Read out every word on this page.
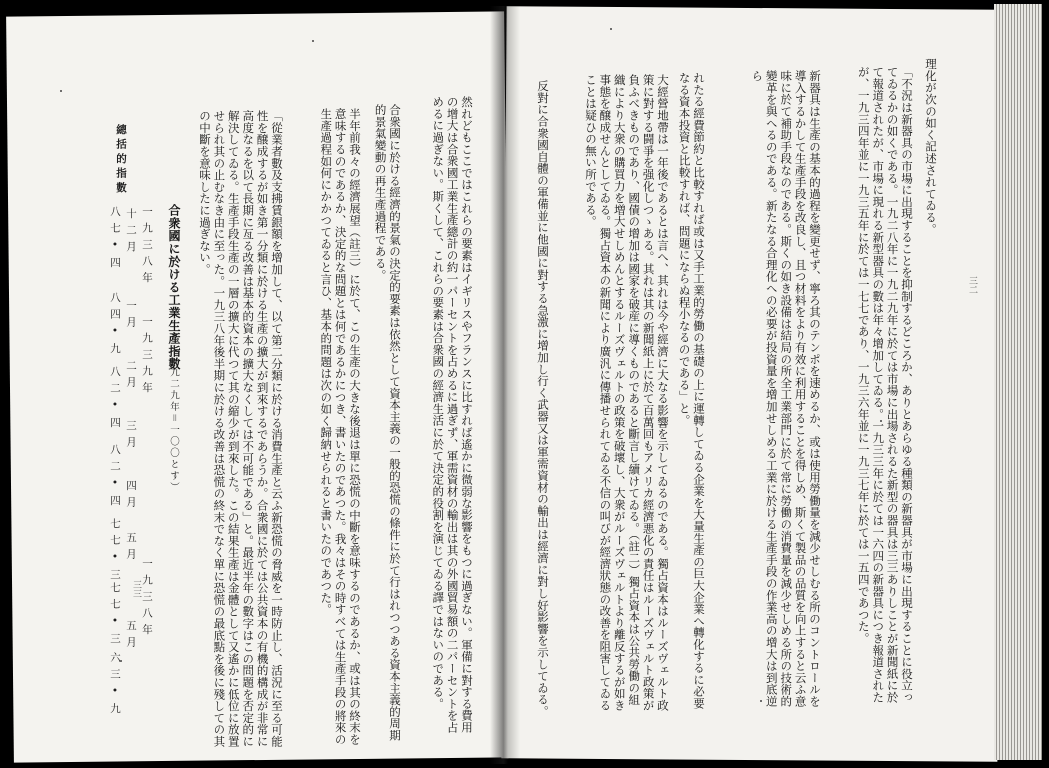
三二
理化が次の如く記述されてゐる。
「不況は新器具の市場に出現することを抑制するどころか、ありとあらゆる種類の新器具が市場に出現することに役立ってゐるかの如くである。一九二八年に一九二九年に於ては市場に出場されるた新型の器具は三三ありしことが新聞紙に於て報道されたが、市場に現れる新型器具の數は年々增加してゐる。一九三三年に於ては一六四の新器具につき報道されたが、一九三四年並に一九三五年に於ては一七七であり、一九三六年並に一九三七年に於ては一五四であつた。
新器具は生產の基本的過程を變更せず、寧ろ其のテンポを速めるか、或は使用勞働量を減少せしむる所のコントロールを導入するかして生產手段を改良し、且つ材料をより有效に利用することを得しめ、斯くて製品の品質を向上すると云ふ意味に於て補助手段なのである。斯くの如き設備は結局の所全工業部門に於て常に勞働の消費量を減少せしめる所の技術的變革を與へるのである。新たなる合理化への必要が投資量を增加せしめる工業に於ける生產手段の作業高の增大は到底逆ら
れたる經費節約と比較すれば或は又手工業的勞働の基礎の上に運轉してゐる企業を大量生產の巨大企業へ轉化するに必要なる資本投資と比較すれば、問題にならぬ程小なるのである」と。
大經營地帶は一年後であるとは言へ、其れは今や經濟に大なる影響を示してゐるのである。獨占資本はルーズヴェルト政策に對する闘爭を强化しつゝある。其れは其の新聞紙上に於て百萬回もアメリカ經濟悪化の責任はルーズヴェルト政策が負ふべきものであり、國債の增加は國家を破産に導くものであると斷言し續けてゐる。（註二）獨占資本は公共勞働の組織により大衆の購買力を増大せしめんとするルーズヴェルトの政策を破壞し、大衆がルーズヴェルトより離反するが如き事態を醸成せんとしてゐる。獨占資本の新聞により廣汎に傳播せられてゐる不信の叫びが經濟狀態の改善を阻害してゐることは疑ひの無い所である。
反對に合衆國自體の軍備並に他國に對する急激に增加し行く武器又は軍需資材の輸出は經濟に對し好影響を示してゐる。
三三	然れどもここではこれらの要素はイギリスやフランスに比すれば遙かに微弱な影響をもつに過ぎない。軍備に對する費用の增大は合衆國工業生產總計の約一パーセントを占めるに過ぎず、軍需資材の輸出は其の外國貿易額の二パーセントを占めるに過ぎない。斯くして、これらの要素は合衆國の經濟生活に於て決定的役割を演じてゐる譯ではないのである。
合衆國に於ける經濟的景氣の決定的要素は依然として資本主義の一般的恐慌の條件に於て行はれつつある資本主義的周期的景氣變動の再生產過程である。
半年前我々の經濟展望（註三）に於て、この生產の大きな後退は單に恐慌の中斷を意味するのであるか、或は其の終末を意味するのであるか、決定的な問題とは何であるかにつき、書いたのであつた。我々はその時すべては生產手段の將來の生產過程如何にかかつてゐると言ひ、基本的問題は次の如く歸納せられると書いたのであつた。
「從業者數及支拂賃銀額を增加して、以て第二分類に於ける消費生產と云ふ新恐慌の脅威を一時防止し、活況に至る可能性を醸成するが如き第一分類に於ける生產の擴大が到來するであらうか。合衆國に於ては公共資本の有機的構成が非常に高度なるを以て長期に亙る改善は基本的資本の擴大なくしては不可能である」と。最近半年の數字はこの問題を否定的に解決してゐる。生產手段生產の一層の擴大に代つて其の縮少が到來した。この結果生產は金體として又遙かに低位に放置せられ其の止むなき由に至った。一九三八年後半期に於ける改善は恐慌の終末でなく單に恐慌の最底點を後に殘しての其の中斷を意味したに過ぎない。
合衆國に於ける工業生產指數
（一九二九年＝一〇〇とす）
總括的指數
一九三八年
一九三九年
一九三八年
十二月
一月
二月
三月
四月
五月
五月
八七•四
八四•九
八二•四
八二•四
七七•三
七七•三
六三•九
